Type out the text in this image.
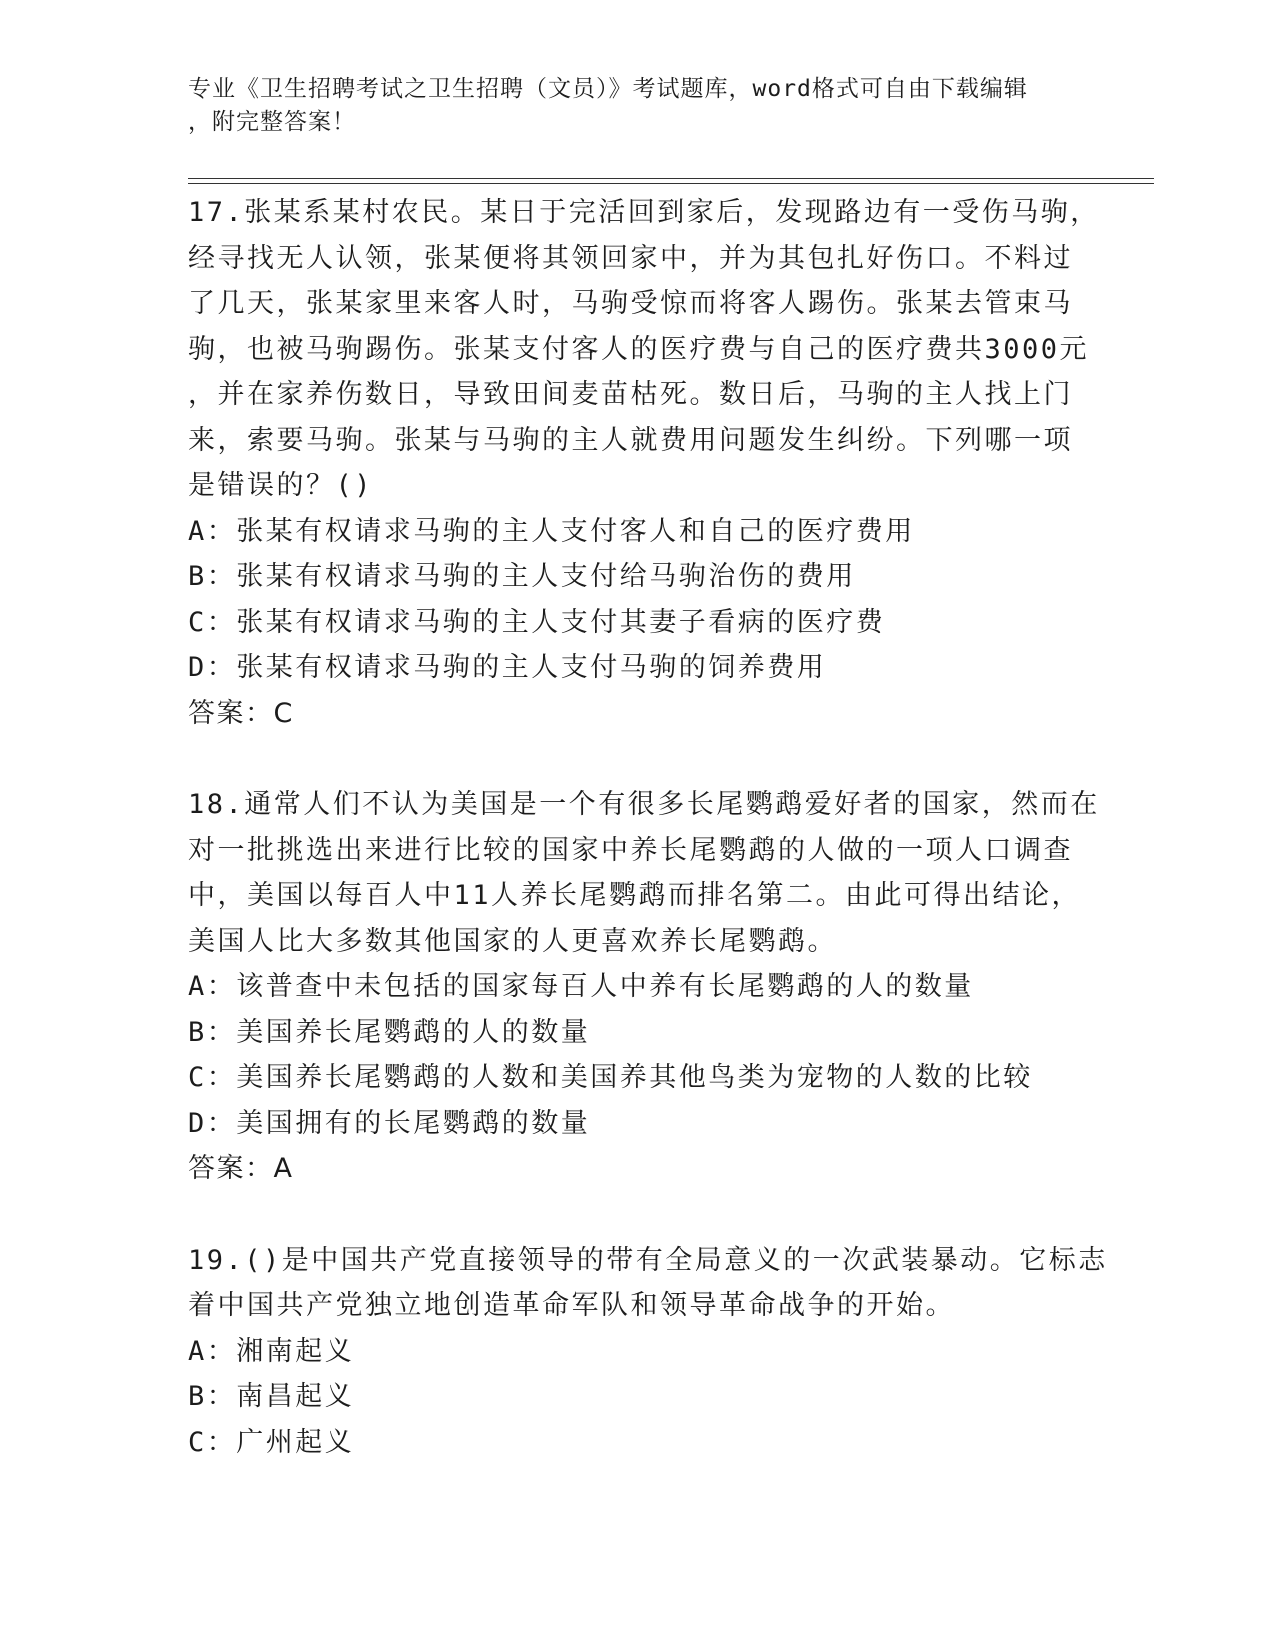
专业《卫生招聘考试之卫生招聘（文员）》考试题库，word格式可自由下载编辑
，附完整答案！
17.张某系某村农民。某日于完活回到家后，发现路边有一受伤马驹，
经寻找无人认领，张某便将其领回家中，并为其包扎好伤口。不料过
了几天，张某家里来客人时，马驹受惊而将客人踢伤。张某去管束马
驹，也被马驹踢伤。张某支付客人的医疗费与自己的医疗费共3000元
，并在家养伤数日，导致田间麦苗枯死。数日后，马驹的主人找上门
来，索要马驹。张某与马驹的主人就费用问题发生纠纷。下列哪一项
是错误的？()
A：张某有权请求马驹的主人支付客人和自己的医疗费用
B：张某有权请求马驹的主人支付给马驹治伤的费用
C：张某有权请求马驹的主人支付其妻子看病的医疗费
D：张某有权请求马驹的主人支付马驹的饲养费用
答案：C
18.通常人们不认为美国是一个有很多长尾鹦鹉爱好者的国家，然而在
对一批挑选出来进行比较的国家中养长尾鹦鹉的人做的一项人口调查
中，美国以每百人中11人养长尾鹦鹉而排名第二。由此可得出结论，
美国人比大多数其他国家的人更喜欢养长尾鹦鹉。
A：该普查中未包括的国家每百人中养有长尾鹦鹉的人的数量
B：美国养长尾鹦鹉的人的数量
C：美国养长尾鹦鹉的人数和美国养其他鸟类为宠物的人数的比较
D：美国拥有的长尾鹦鹉的数量
答案：A
19.()是中国共产党直接领导的带有全局意义的一次武装暴动。它标志
着中国共产党独立地创造革命军队和领导革命战争的开始。
A：湘南起义
B：南昌起义
C：广州起义
